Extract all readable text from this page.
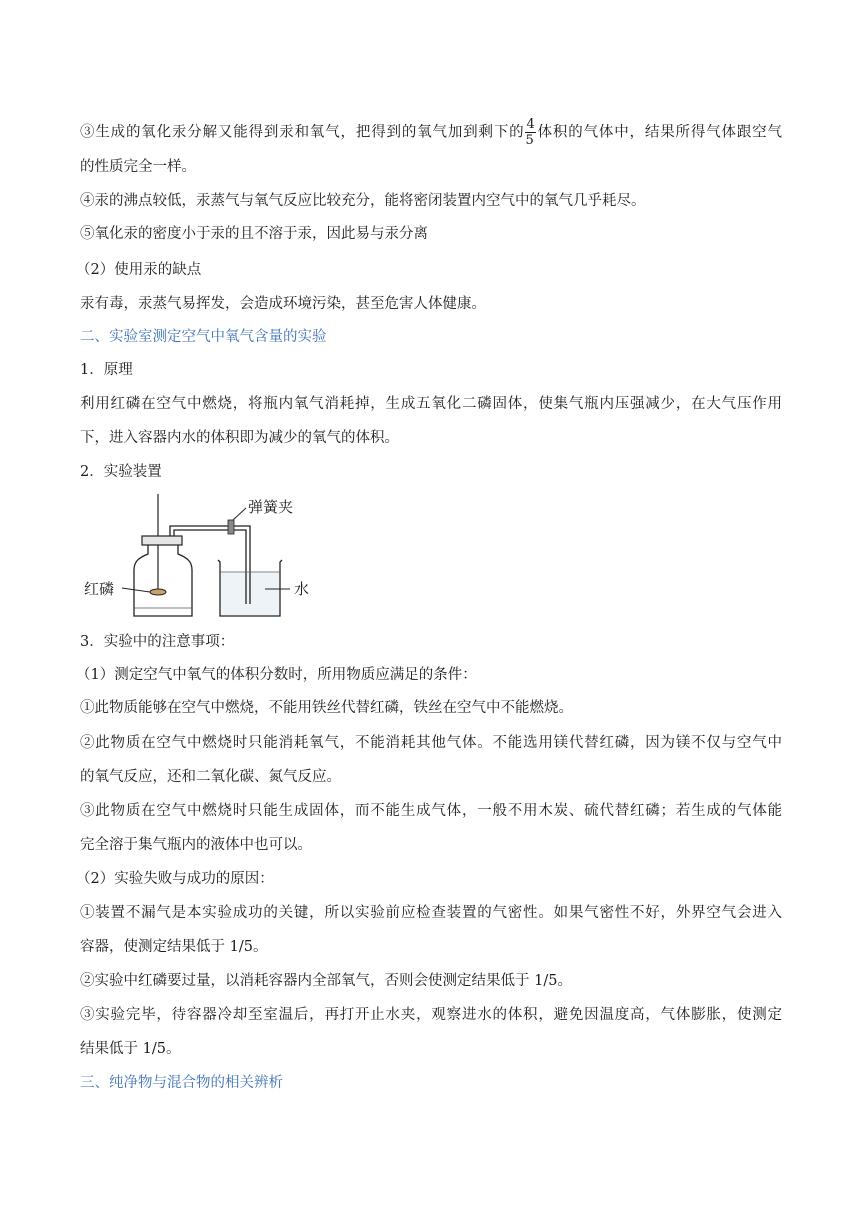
③生成的氧化汞分解又能得到汞和氧气，把得到的氧气加到剩下的 $\frac{4}{5}$ 体积的气体中，结果所得气体跟空气
的性质完全一样。
④汞的沸点较低，汞蒸气与氧气反应比较充分，能将密闭装置内空气中的氧气几乎耗尽。
⑤氧化汞的密度小于汞的且不溶于汞，因此易与汞分离
（2）使用汞的缺点
汞有毒，汞蒸气易挥发，会造成环境污染，甚至危害人体健康。
二、实验室测定空气中氧气含量的实验
1．原理
利用红磷在空气中燃烧，将瓶内氧气消耗掉，生成五氧化二磷固体，使集气瓶内压强减少，在大气压作用
下，进入容器内水的体积即为减少的氧气的体积。
2．实验装置
弹簧夹
红磷	水
3．实验中的注意事项：
（1）测定空气中氧气的体积分数时，所用物质应满足的条件：
①此物质能够在空气中燃烧，不能用铁丝代替红磷，铁丝在空气中不能燃烧。
②此物质在空气中燃烧时只能消耗氧气，不能消耗其他气体。不能选用镁代替红磷，因为镁不仅与空气中
的氧气反应，还和二氧化碳、氮气反应。
③此物质在空气中燃烧时只能生成固体，而不能生成气体，一般不用木炭、硫代替红磷；若生成的气体能
完全溶于集气瓶内的液体中也可以。
（2）实验失败与成功的原因：
①装置不漏气是本实验成功的关键，所以实验前应检查装置的气密性。如果气密性不好，外界空气会进入
容器，使测定结果低于 1/5。
②实验中红磷要过量，以消耗容器内全部氧气，否则会使测定结果低于 1/5。
③实验完毕，待容器冷却至室温后，再打开止水夹，观察进水的体积，避免因温度高，气体膨胀，使测定
结果低于 1/5。
三、纯净物与混合物的相关辨析
